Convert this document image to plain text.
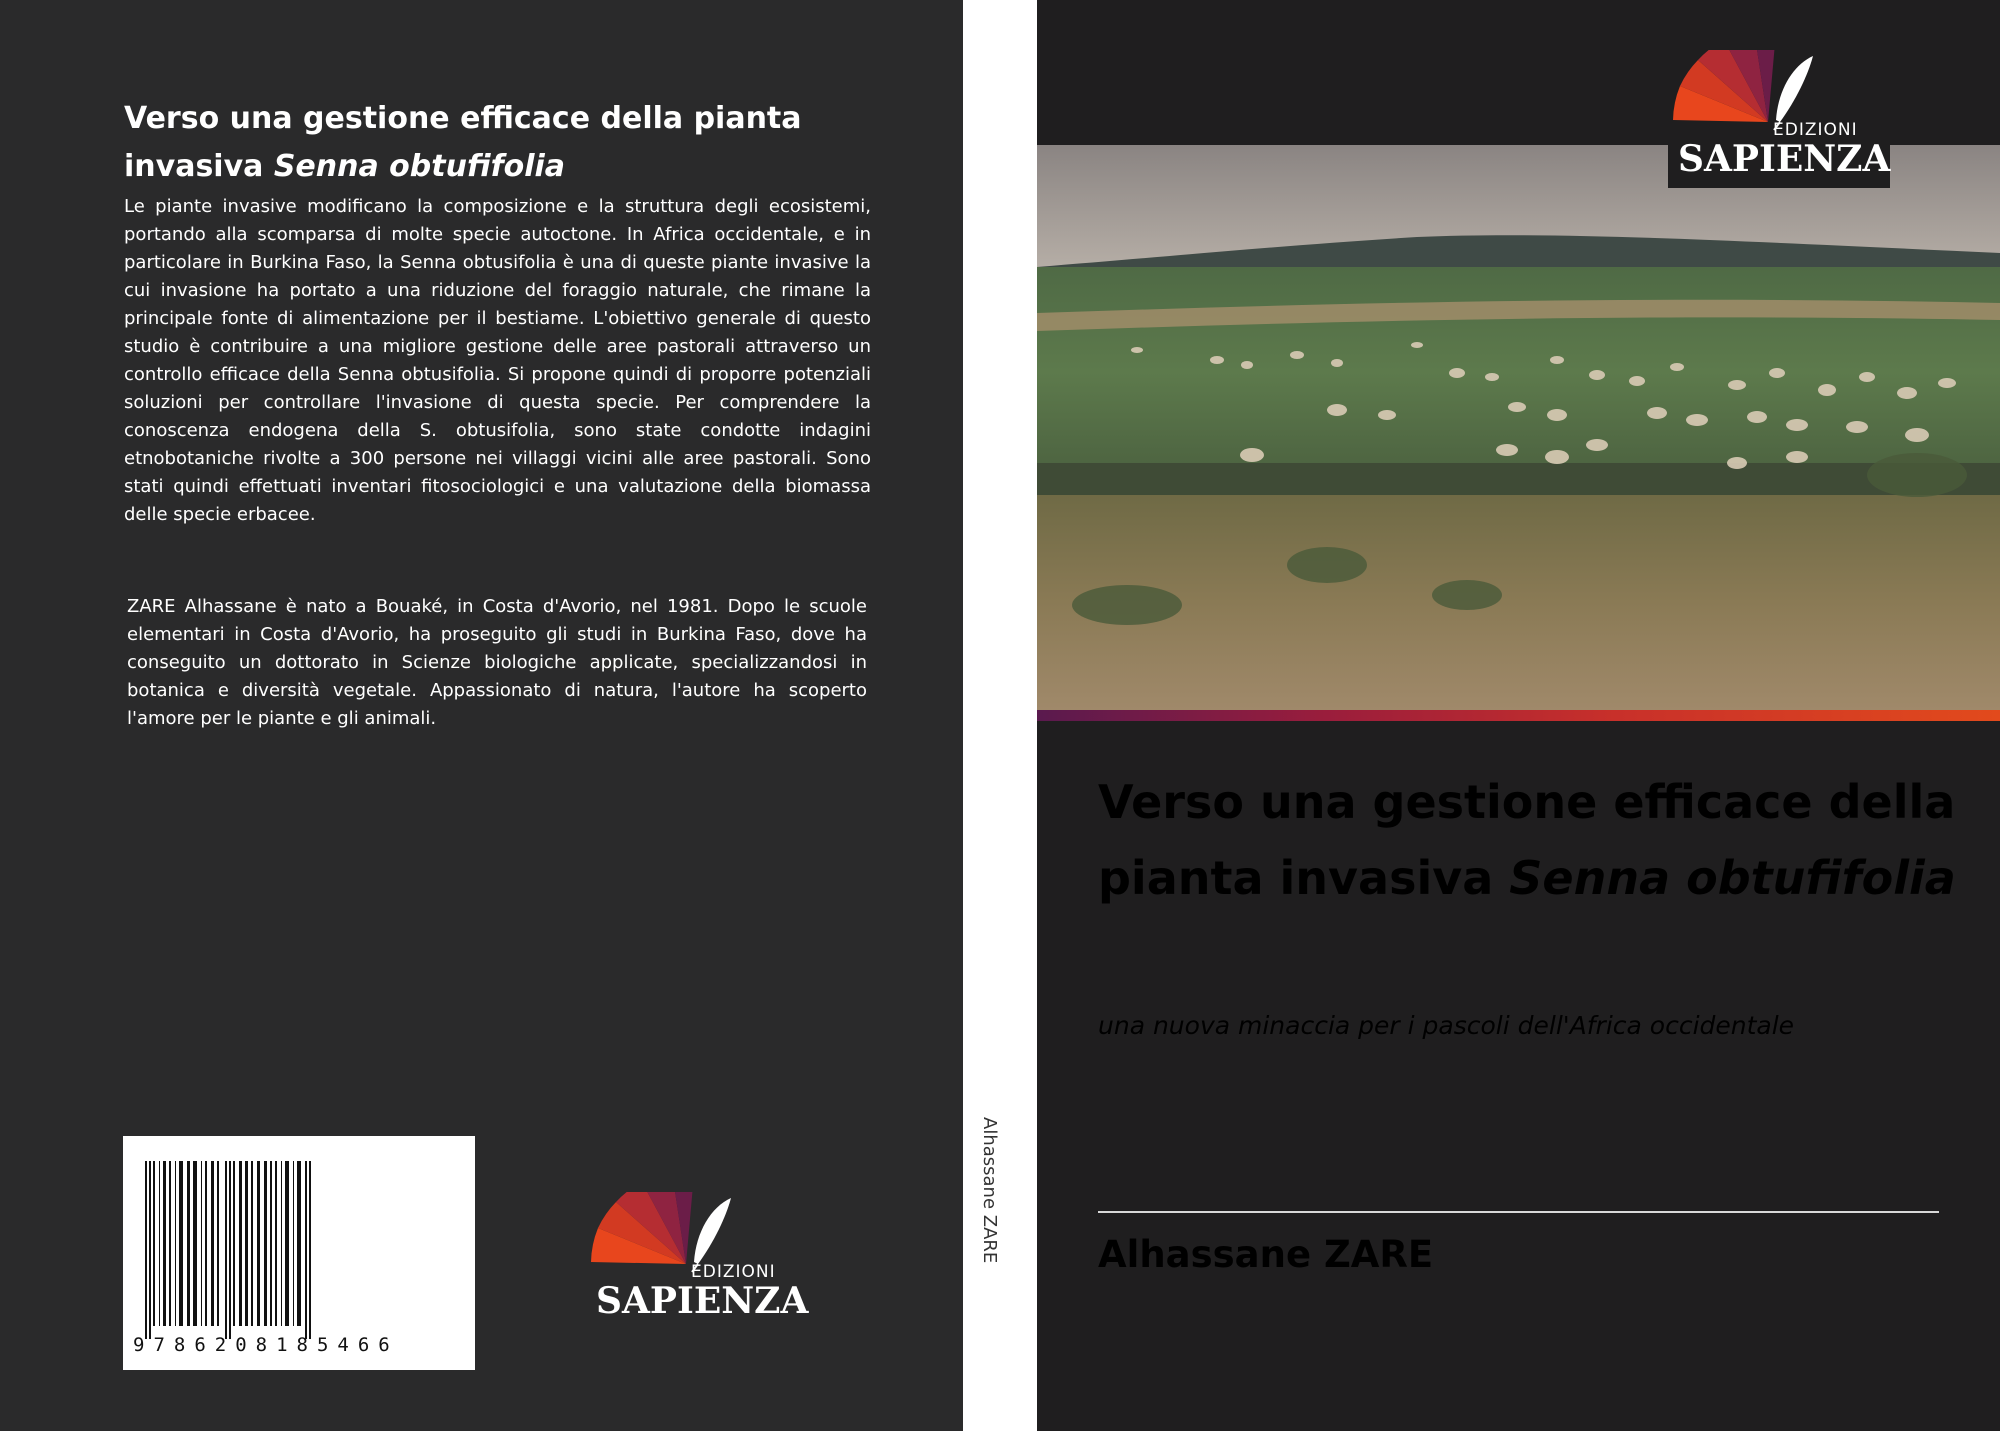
Verso una gestione efficace della pianta invasiva Senna obtufifolia

Le piante invasive modificano la composizione e la struttura degli ecosistemi, portando alla scomparsa di molte specie autoctone. In Africa occidentale, e in particolare in Burkina Faso, la Senna obtusifolia è una di queste piante invasive la cui invasione ha portato a una riduzione del foraggio naturale, che rimane la principale fonte di alimentazione per il bestiame. L'obiettivo generale di questo studio è contribuire a una migliore gestione delle aree pastorali attraverso un controllo efficace della Senna obtusifolia. Si propone quindi di proporre potenziali soluzioni per controllare l'invasione di questa specie. Per comprendere la conoscenza endogena della S. obtusifolia, sono state condotte indagini etnobotaniche rivolte a 300 persone nei villaggi vicini alle aree pastorali. Sono stati quindi effettuati inventari fitosociologici e una valutazione della biomassa delle specie erbacee.

ZARE Alhassane è nato a Bouaké, in Costa d'Avorio, nel 1981. Dopo le scuole elementari in Costa d'Avorio, ha proseguito gli studi in Burkina Faso, dove ha conseguito un dottorato in Scienze biologiche applicate, specializzandosi in botanica e diversità vegetale. Appassionato di natura, l'autore ha scoperto l'amore per le piante e gli animali.

9786208185466
EDIZIONI
SAPIENZA
Alhassane ZARE
EDIZIONI
SAPIENZA
Verso una gestione efficace della pianta invasiva Senna obtufifolia

una nuova minaccia per i pascoli dell'Africa occidentale

Alhassane ZARE
